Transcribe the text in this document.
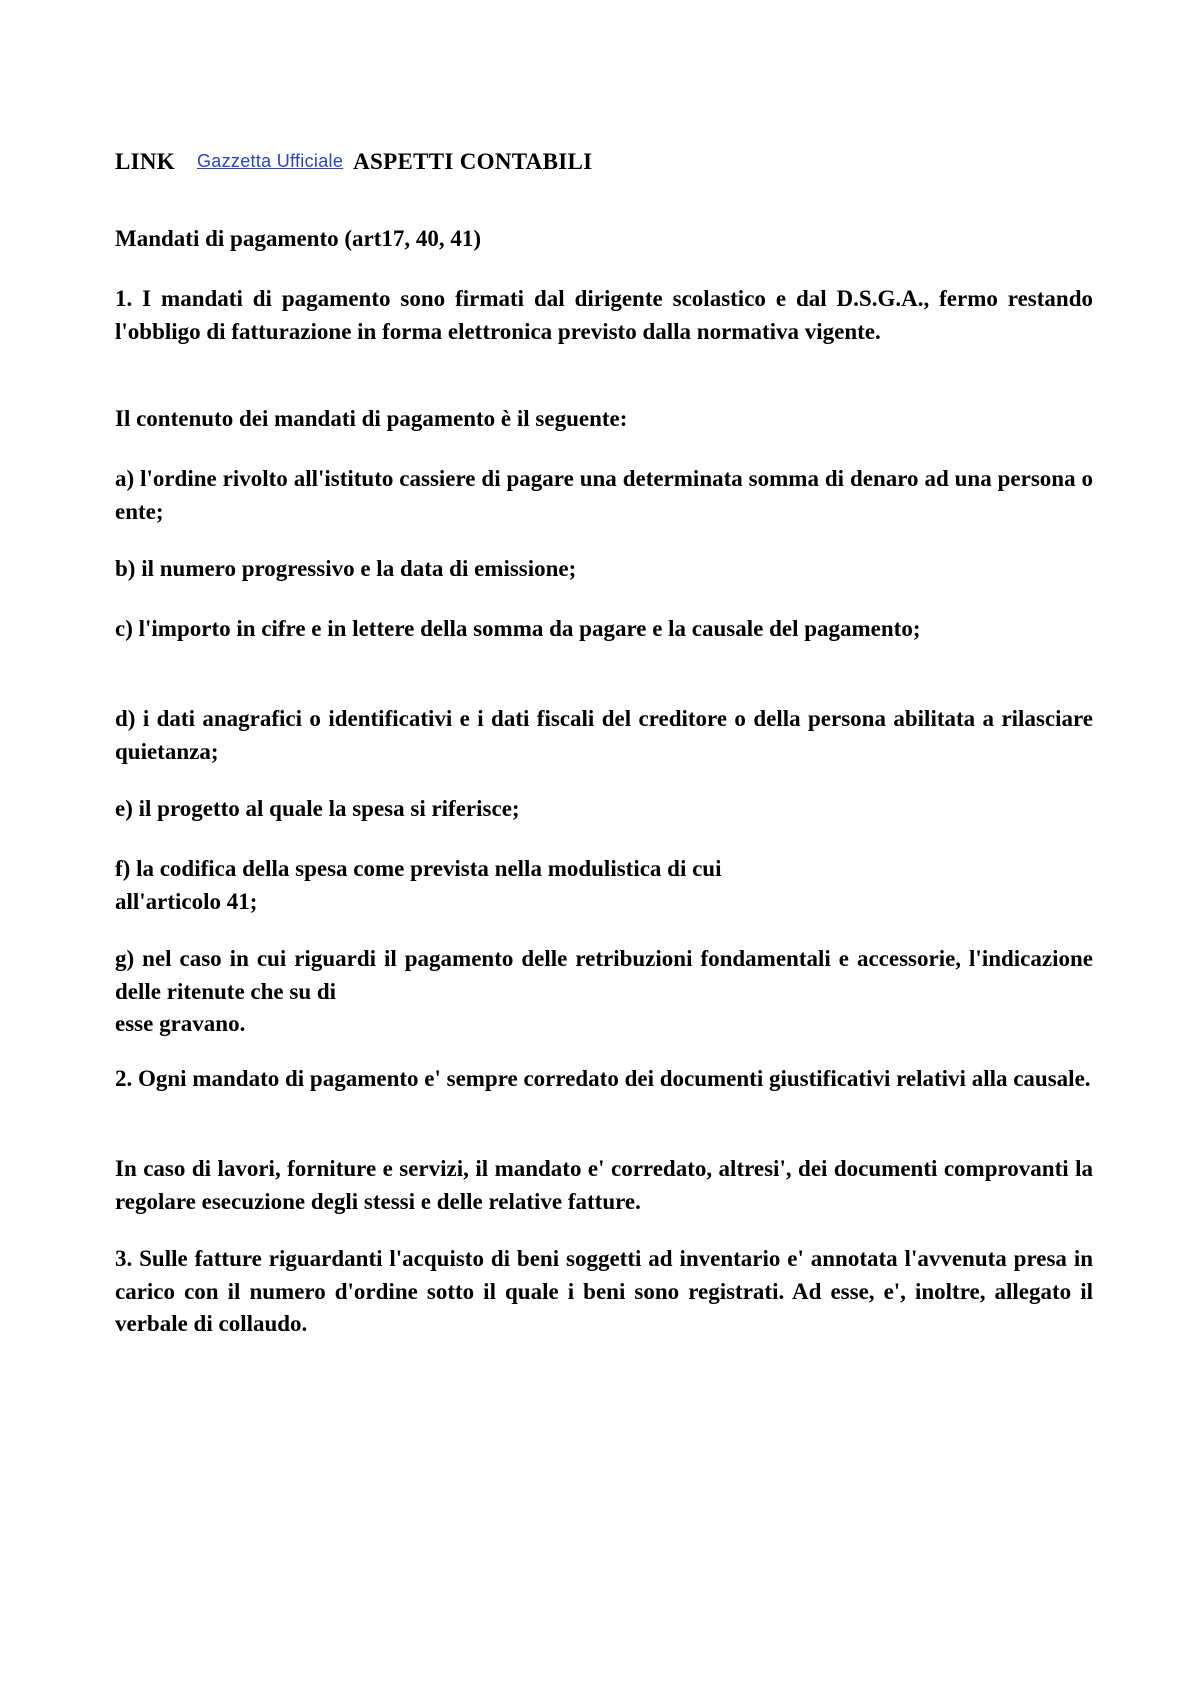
LINK Gazzetta Ufficiale ASPETTI CONTABILI

Mandati di pagamento (art17, 40, 41)

1. I mandati di pagamento sono firmati dal dirigente scolastico e dal D.S.G.A., fermo restando l'obbligo di fatturazione in forma elettronica previsto dalla normativa vigente.

Il contenuto dei mandati di pagamento è il seguente:

a) l'ordine rivolto all'istituto cassiere di pagare una determinata somma di denaro ad una persona o ente;

b) il numero progressivo e la data di emissione;

c) l'importo in cifre e in lettere della somma da pagare e la causale del pagamento;

d) i dati anagrafici o identificativi e i dati fiscali del creditore o della persona abilitata a rilasciare quietanza;

e) il progetto al quale la spesa si riferisce;

f) la codifica della spesa come prevista nella modulistica di cui
all'articolo 41;

g) nel caso in cui riguardi il pagamento delle retribuzioni fondamentali e accessorie, l'indicazione delle ritenute che su di
esse gravano.

2. Ogni mandato di pagamento e' sempre corredato dei documenti giustificativi relativi alla causale.

In caso di lavori, forniture e servizi, il mandato e' corredato, altresi', dei documenti comprovanti la regolare esecuzione degli stessi e delle relative fatture.

3. Sulle fatture riguardanti l'acquisto di beni soggetti ad inventario e' annotata l'avvenuta presa in carico con il numero d'ordine sotto il quale i beni sono registrati. Ad esse, e', inoltre, allegato il verbale di collaudo.
